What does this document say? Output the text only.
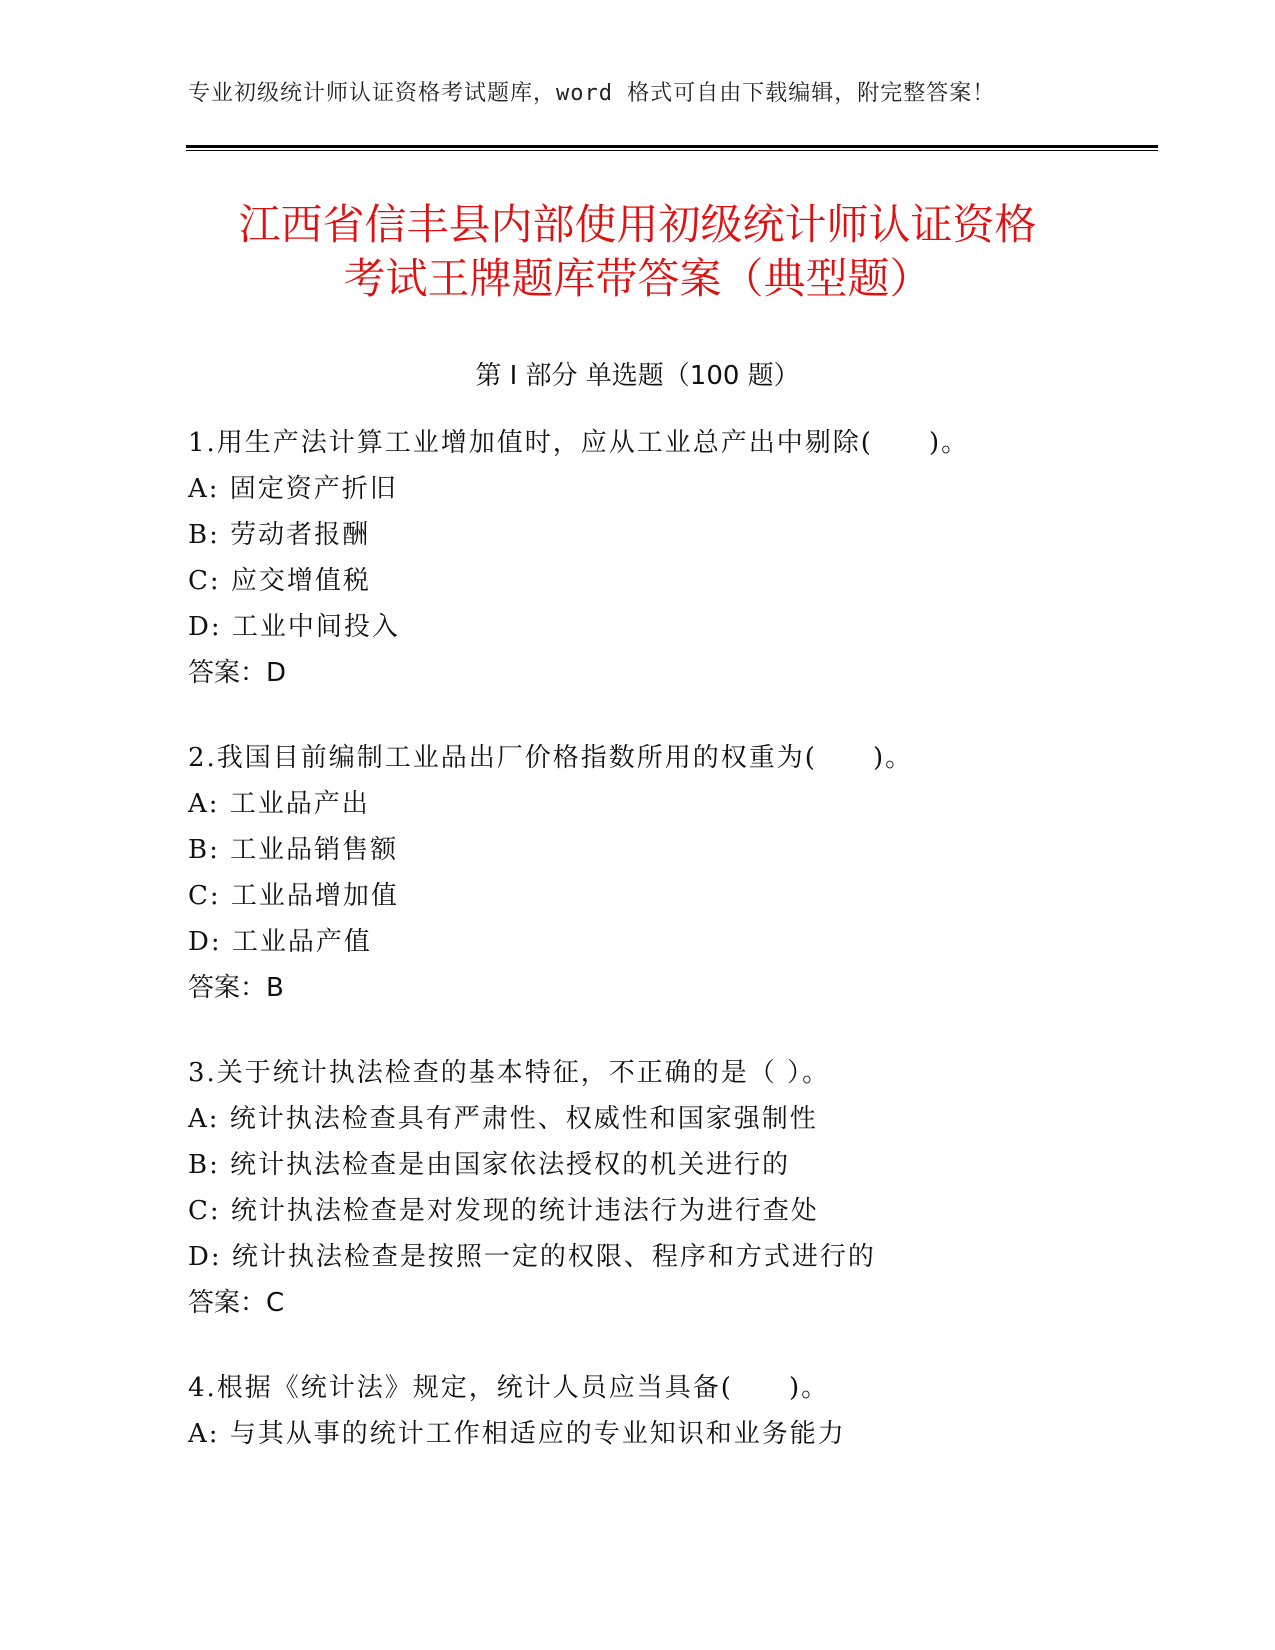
专业初级统计师认证资格考试题库，word 格式可自由下载编辑，附完整答案！
江西省信丰县内部使用初级统计师认证资格
考试王牌题库带答案（典型题）
第 I 部分 单选题（100 题）
1.用生产法计算工业增加值时，应从工业总产出中剔除(　　)。
A: 固定资产折旧
B: 劳动者报酬
C: 应交增值税
D: 工业中间投入
答案：D
2.我国目前编制工业品出厂价格指数所用的权重为(　　)。
A: 工业品产出
B: 工业品销售额
C: 工业品增加值
D: 工业品产值
答案：B
3.关于统计执法检查的基本特征，不正确的是（ ）。
A: 统计执法检查具有严肃性、权威性和国家强制性
B: 统计执法检查是由国家依法授权的机关进行的
C: 统计执法检查是对发现的统计违法行为进行查处
D: 统计执法检查是按照一定的权限、程序和方式进行的
答案：C
4.根据《统计法》规定，统计人员应当具备(　　)。
A: 与其从事的统计工作相适应的专业知识和业务能力
